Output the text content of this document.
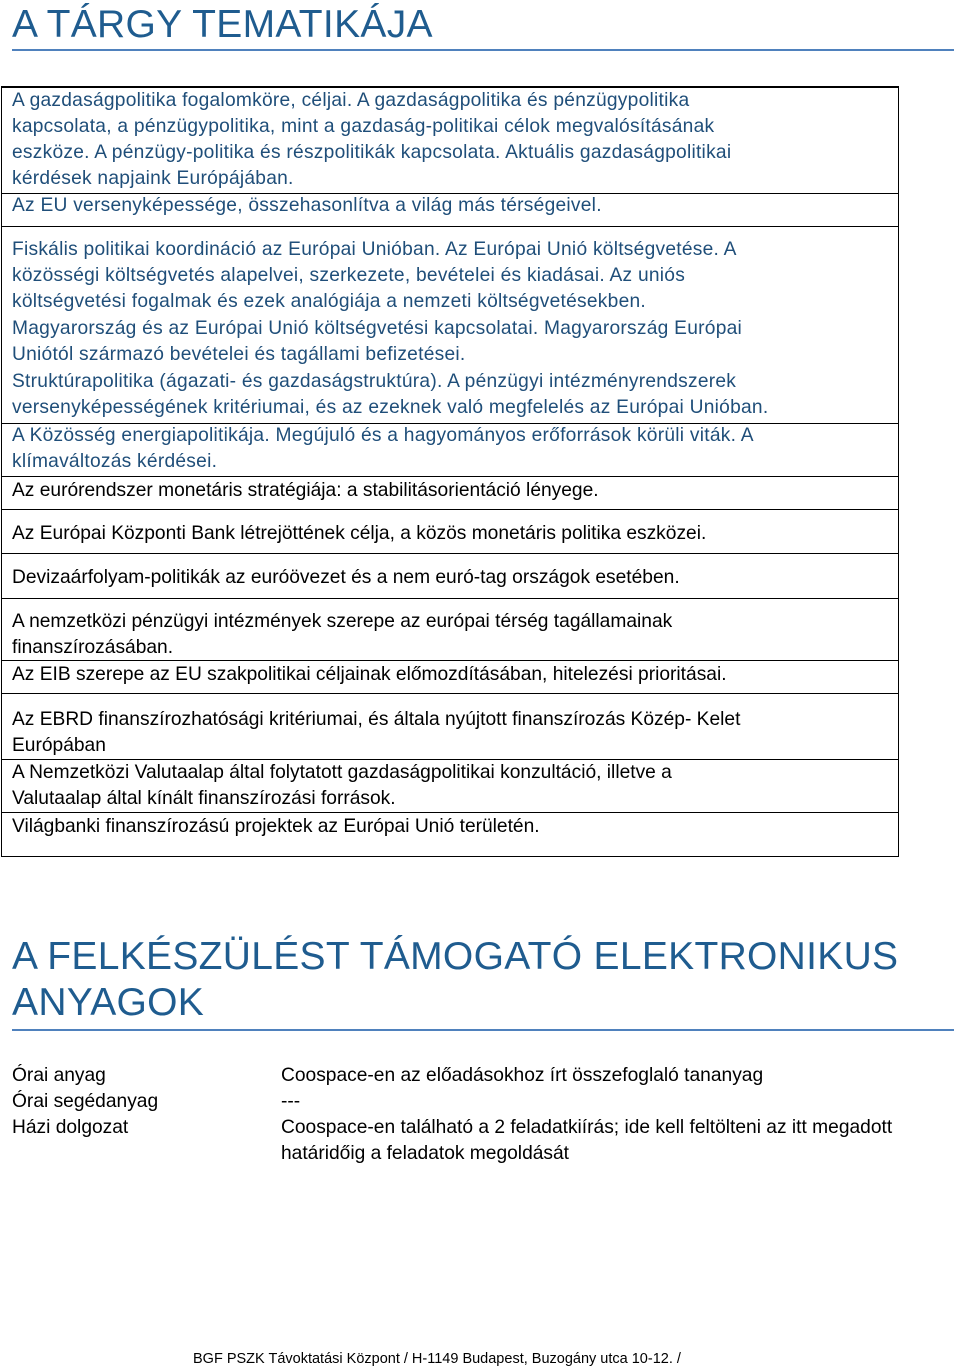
A TÁRGY TEMATIKÁJA

A gazdaságpolitika fogalomköre, céljai. A gazdaságpolitika és pénzügypolitika

kapcsolata, a pénzügypolitika, mint a gazdaság-politikai célok megvalósításának

eszköze. A pénzügy-politika és részpolitikák kapcsolata. Aktuális gazdaságpolitikai

kérdések napjaink Európájában.

Az EU versenyképessége, összehasonlítva a világ más térségeivel.

Fiskális politikai koordináció az Európai Unióban. Az Európai Unió költségvetése. A

közösségi költségvetés alapelvei, szerkezete, bevételei és kiadásai. Az uniós

költségvetési fogalmak és ezek analógiája a nemzeti költségvetésekben.

Magyarország és az Európai Unió költségvetési kapcsolatai. Magyarország Európai

Uniótól származó bevételei és tagállami befizetései.

Struktúrapolitika (ágazati- és gazdaságstruktúra). A pénzügyi intézményrendszerek

versenyképességének kritériumai, és az ezeknek való megfelelés az Európai Unióban.

A Közösség energiapolitikája. Megújuló és a hagyományos erőforrások körüli viták. A

klímaváltozás kérdései.

Az eurórendszer monetáris stratégiája: a stabilitásorientáció lényege.

Az Európai Központi Bank létrejöttének célja, a közös monetáris politika eszközei.

Devizaárfolyam-politikák az euróövezet és a nem euró-tag országok esetében.

A nemzetközi pénzügyi intézmények szerepe az európai térség tagállamainak

finanszírozásában.

Az EIB szerepe az EU szakpolitikai céljainak előmozdításában, hitelezési prioritásai.

Az EBRD finanszírozhatósági kritériumai, és általa nyújtott finanszírozás Közép- Kelet

Európában

A Nemzetközi Valutaalap által folytatott gazdaságpolitikai konzultáció, illetve a

Valutaalap által kínált finanszírozási források.

Világbanki finanszírozású projektek az Európai Unió területén.

A FELKÉSZÜLÉST TÁMOGATÓ ELEKTRONIKUS ANYAGOK
Órai anyag	Coospace-en az előadásokhoz írt összefoglaló tananyag
Órai segédanyag	---
Házi dolgozat	Coospace-en található a 2 feladatkiírás; ide kell feltölteni az itt megadott határidőig a feladatok megoldását
BGF PSZK Távoktatási Központ / H-1149 Budapest, Buzogány utca 10-12. /
